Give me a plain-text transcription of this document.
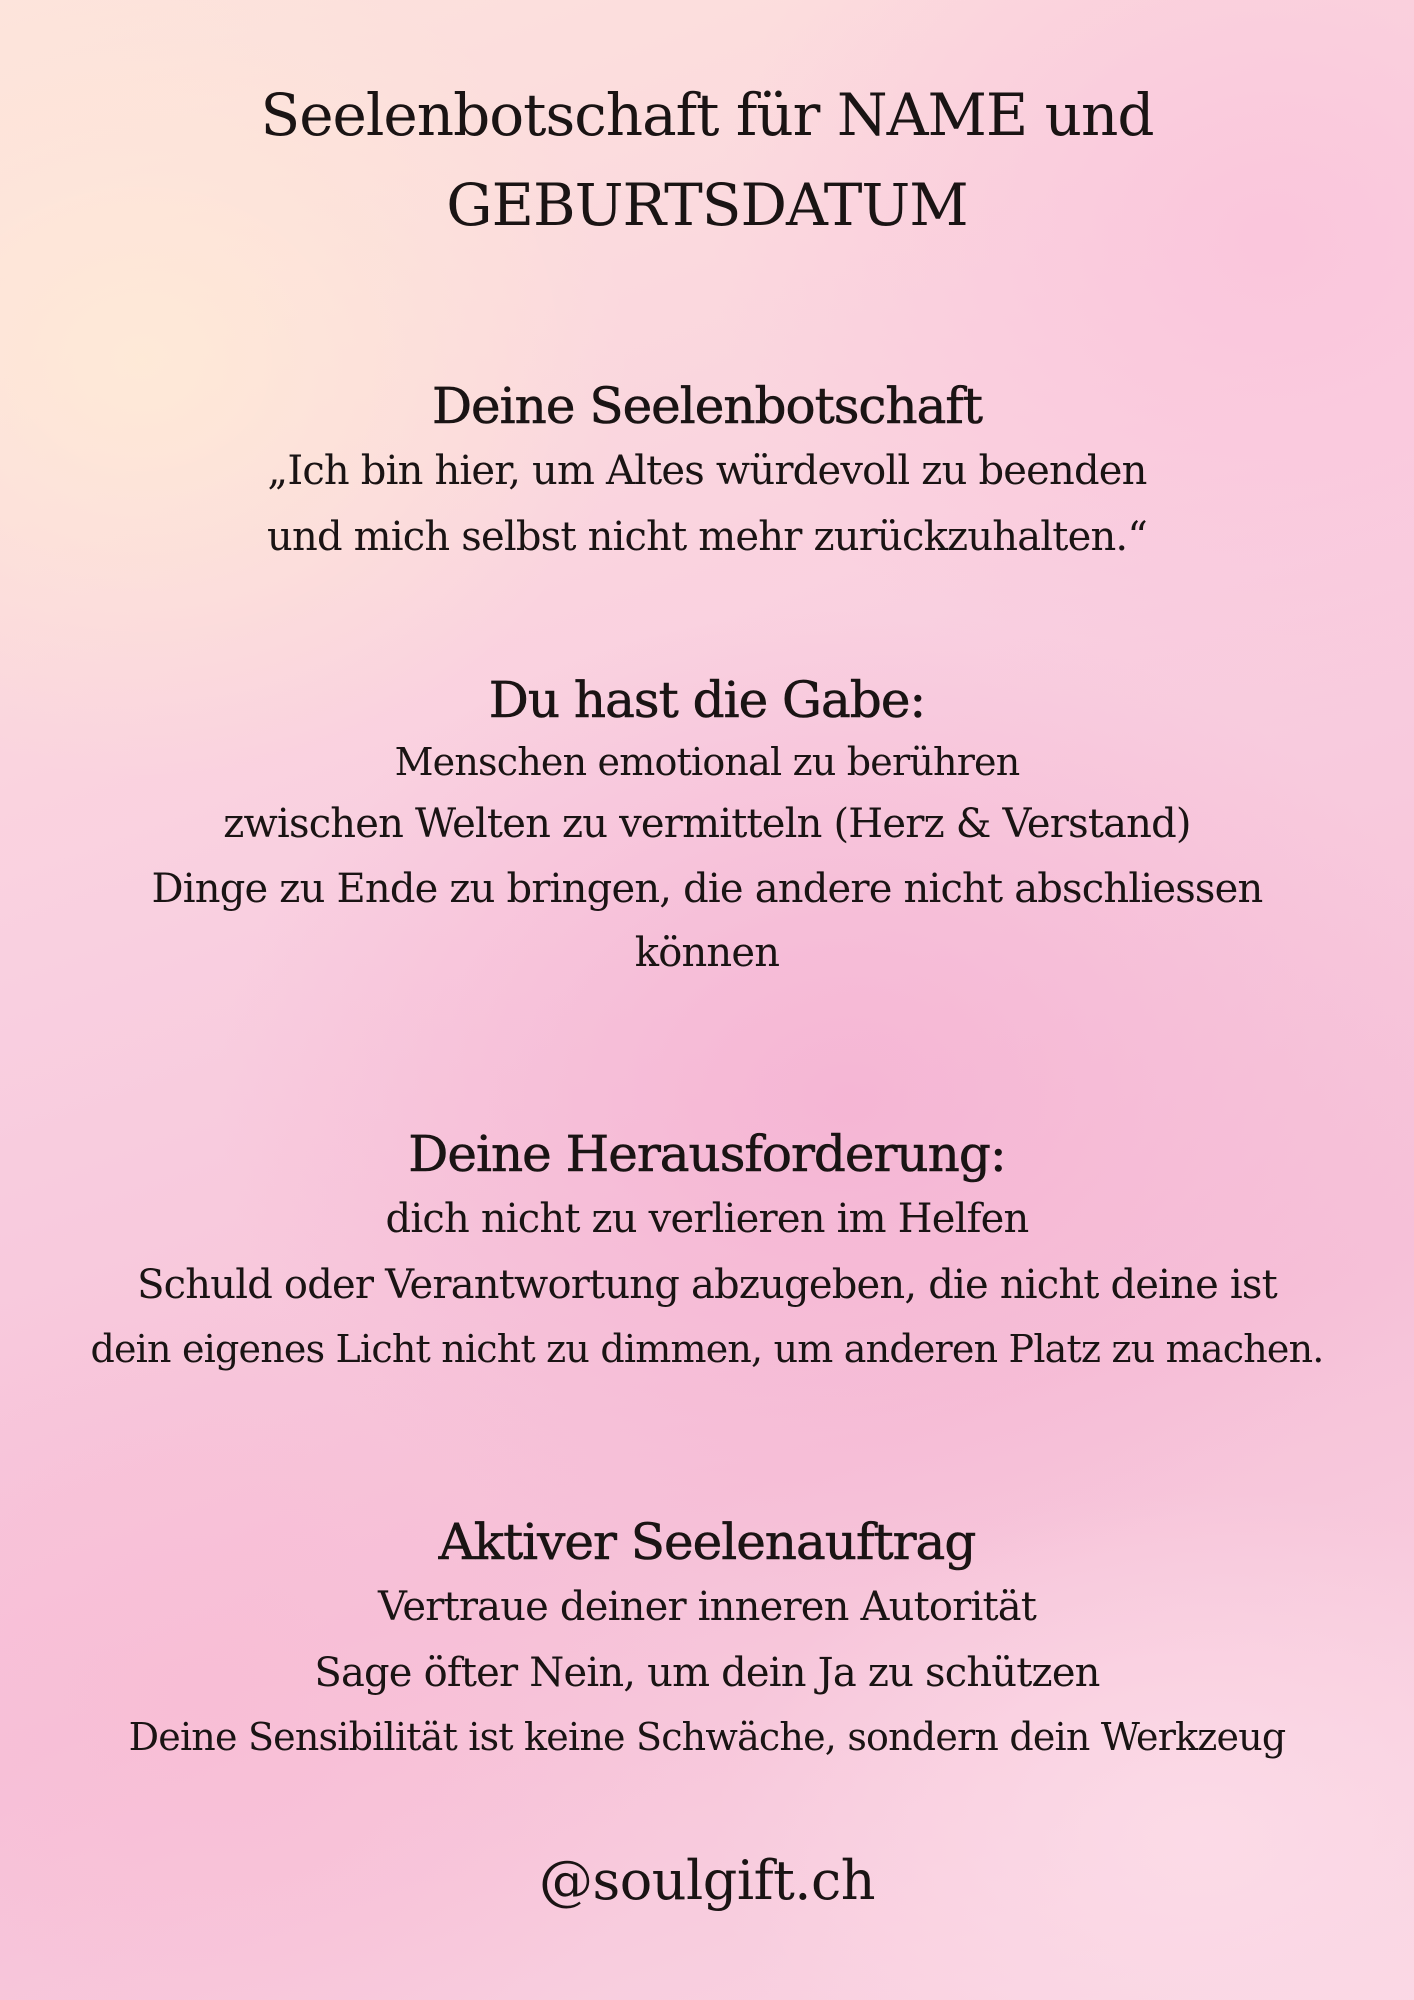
Seelenbotschaft für NAME und
GEBURTSDATUM
Deine Seelenbotschaft
„Ich bin hier, um Altes würdevoll zu beenden
und mich selbst nicht mehr zurückzuhalten.“
Du hast die Gabe:
Menschen emotional zu berühren
zwischen Welten zu vermitteln (Herz & Verstand)
Dinge zu Ende zu bringen, die andere nicht abschliessen
können
Deine Herausforderung:
dich nicht zu verlieren im Helfen
Schuld oder Verantwortung abzugeben, die nicht deine ist
dein eigenes Licht nicht zu dimmen, um anderen Platz zu machen.
Aktiver Seelenauftrag
Vertraue deiner inneren Autorität
Sage öfter Nein, um dein Ja zu schützen
Deine Sensibilität ist keine Schwäche, sondern dein Werkzeug
@soulgift.ch
